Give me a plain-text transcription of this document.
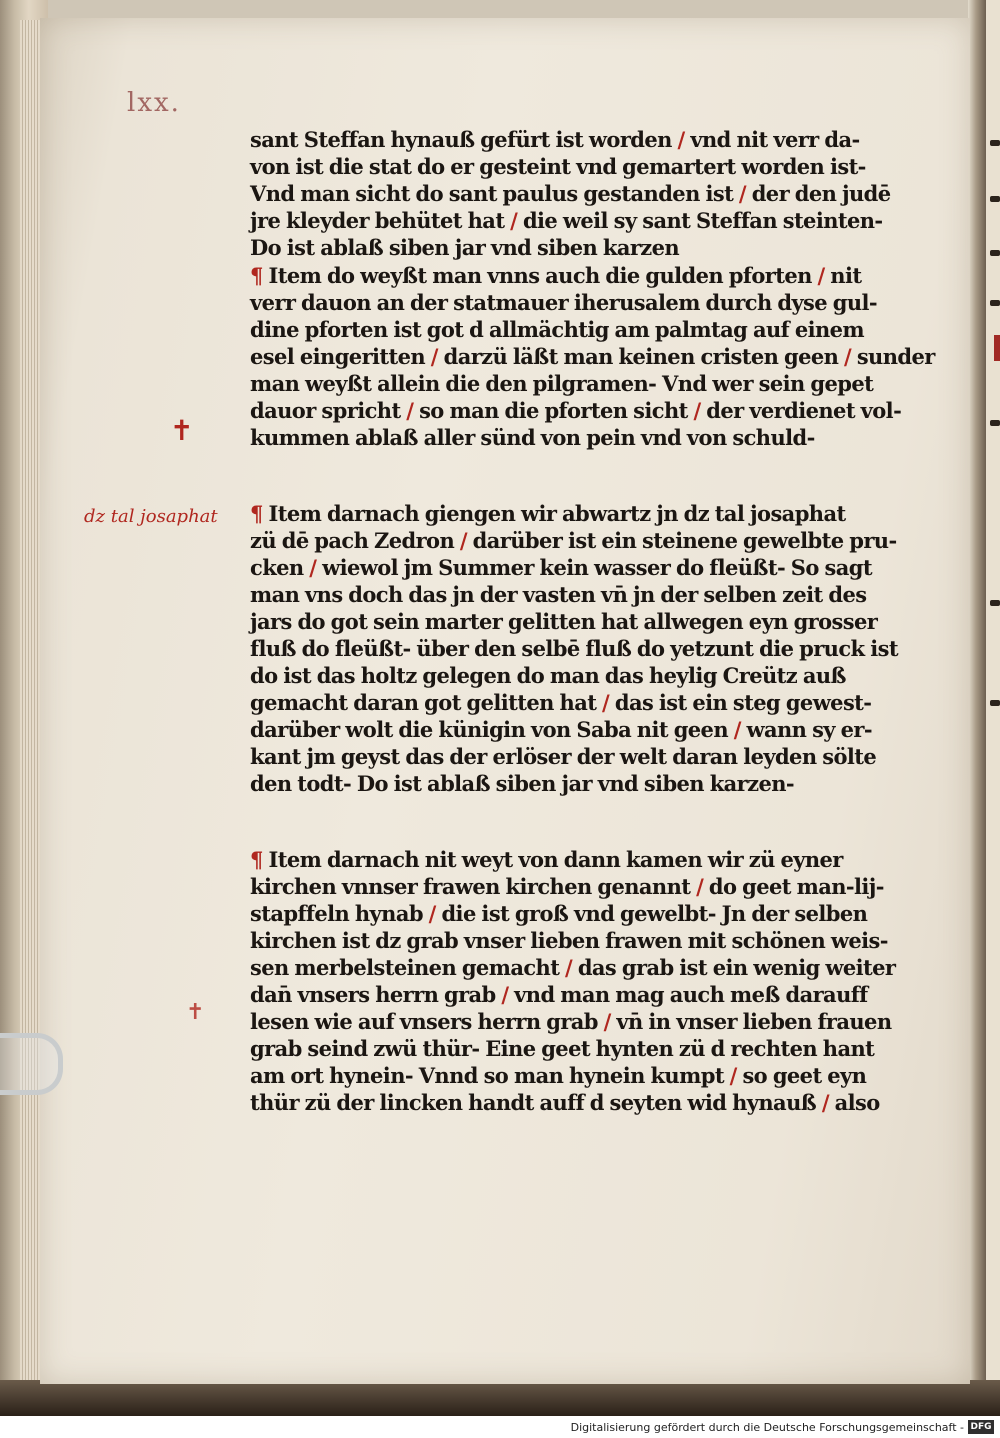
lxx.

✝

dz tal josaphat

✝

sant Steffan hynauß gefürt ist worden / vnd nit verr da‑
von ist die stat do er gesteint vnd gemartert worden ist‑
Vnd man sicht do sant paulus gestanden ist / der den judē
jre kleyder behütet hat / die weil sy sant Steffan steinten‑
Do ist ablaß siben jar vnd siben karzen

¶ Item do weyßt man vnns auch die gulden pforten / nit
verr dauon an der statmauer iherusalem durch dyse gul‑
dine pforten ist got d allmächtig am palmtag auf einem
esel eingeritten / darzü läßt man keinen cristen geen / sund
man weyßt allein die den pilgramen‑ Vnd wer sein gepet
dauor spricht / so man die pforten sicht / der verdienet vol‑
kummen ablaß aller sünd von pein vnd von schuld‑

¶ Item darnach giengen wir abwartz jn dz tal josaphat
zü dē pach Zedron / darüber ist ein steinene gewelbte pru‑
cken / wiewol jm Summer kein wasser do fleüßt‑ So sagt
man vns doch das jn der vasten vn jn der selben zeit des
jars do got sein marter gelitten hat allwegen eyn grosser
fluß do fleüßt‑ über den selbē fluß do yetzunt die pruck ist
do ist das holtz gelegen do man das heylig Creütz auß
gemacht daran got gelitten hat / das ist ein steg gewest‑
darüber wolt die künigin von Saba nit geen / wann sy er‑
kant jm geyst das der erlöser der welt daran leyden sölte
den todt‑ Do ist ablaß siben jar vnd siben karzen‑

¶ Item darnach nit weyt von dann kamen wir zü eyner
kirchen vnnser frawen kirchen genannt / do geet man‑lij‑
stapffeln hynab / die ist groß vnd gewelbt‑ Jn der selben
kirchen ist dz grab vnser lieben frawen mit schönen weis‑
sen merbelsteinen gemacht / das grab ist ein wenig weiter
dan vnsers herrn grab / vnd man mag auch meß darauff
lesen wie auf vnsers herrn grab / vn in vnser lieben frauen
grab seind zwü thür‑ Eine geet hynten zü d rechten hant
am ort hynein‑ Vnnd so man hynein kumpt / so geet eyn
thür zü der lincken handt auff d seyten wid hynauß / also

Digitalisierung gefördert durch die Deutsche Forschungsgemeinschaft - DFG
